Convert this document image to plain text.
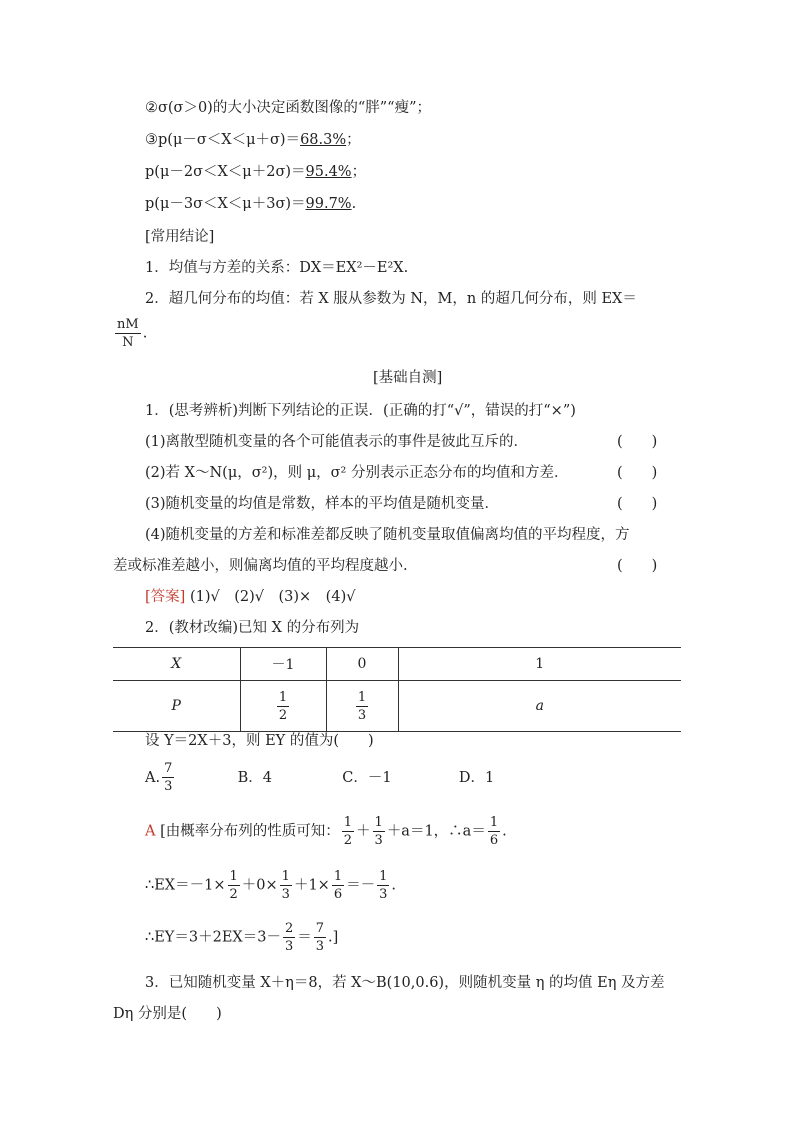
②σ(σ＞0)的大小决定函数图像的“胖”“瘦”；
③p(μ－σ＜X＜μ＋σ)＝68.3%；
p(μ－2σ＜X＜μ＋2σ)＝95.4%；
p(μ－3σ＜X＜μ＋3σ)＝99.7%.
[常用结论]
1．均值与方差的关系：DX＝EX²－E²X.
2．超几何分布的均值：若 X 服从参数为 N，M，n 的超几何分布，则 EX＝
$\frac{nM}{N}$ .
[基础自测]
1．(思考辨析)判断下列结论的正误．(正确的打“√”，错误的打“×”)
(1)离散型随机变量的各个可能值表示的事件是彼此互斥的．	(　　)
(2)若 X～N(μ，σ²)，则 μ，σ² 分别表示正态分布的均值和方差．	(　　)
(3)随机变量的均值是常数，样本的平均值是随机变量．	(　　)
(4)随机变量的方差和标准差都反映了随机变量取值偏离均值的平均程度，方
差或标准差越小，则偏离均值的平均程度越小.	(　　)
[答案] (1)√　(2)√　(3)×　(4)√
2．(教材改编)已知 X 的分布列为
X	－1	0	1
P	$\frac{1}{2}$	$\frac{1}{3}$	a
设 Y＝2X＋3，则 EY 的值为(　　)
A. $\frac{7}{3}$	B．4	C．－1	D．1
A [由概率分布列的性质可知： $\frac{1}{2} + \frac{1}{3} +a=1$，∴a＝ $\frac{1}{6}$ .
∴EX＝－1× $\frac{1}{2} +0\times \frac{1}{3} +1\times \frac{1}{6} =- \frac{1}{3}$ .
∴EY＝3＋2EX＝3－ $\frac{2}{3} = \frac{7}{3}$ .]
3．已知随机变量 X＋η＝8，若 X～B(10,0.6)，则随机变量 η 的均值 Eη 及方差
Dη 分别是(　　)
